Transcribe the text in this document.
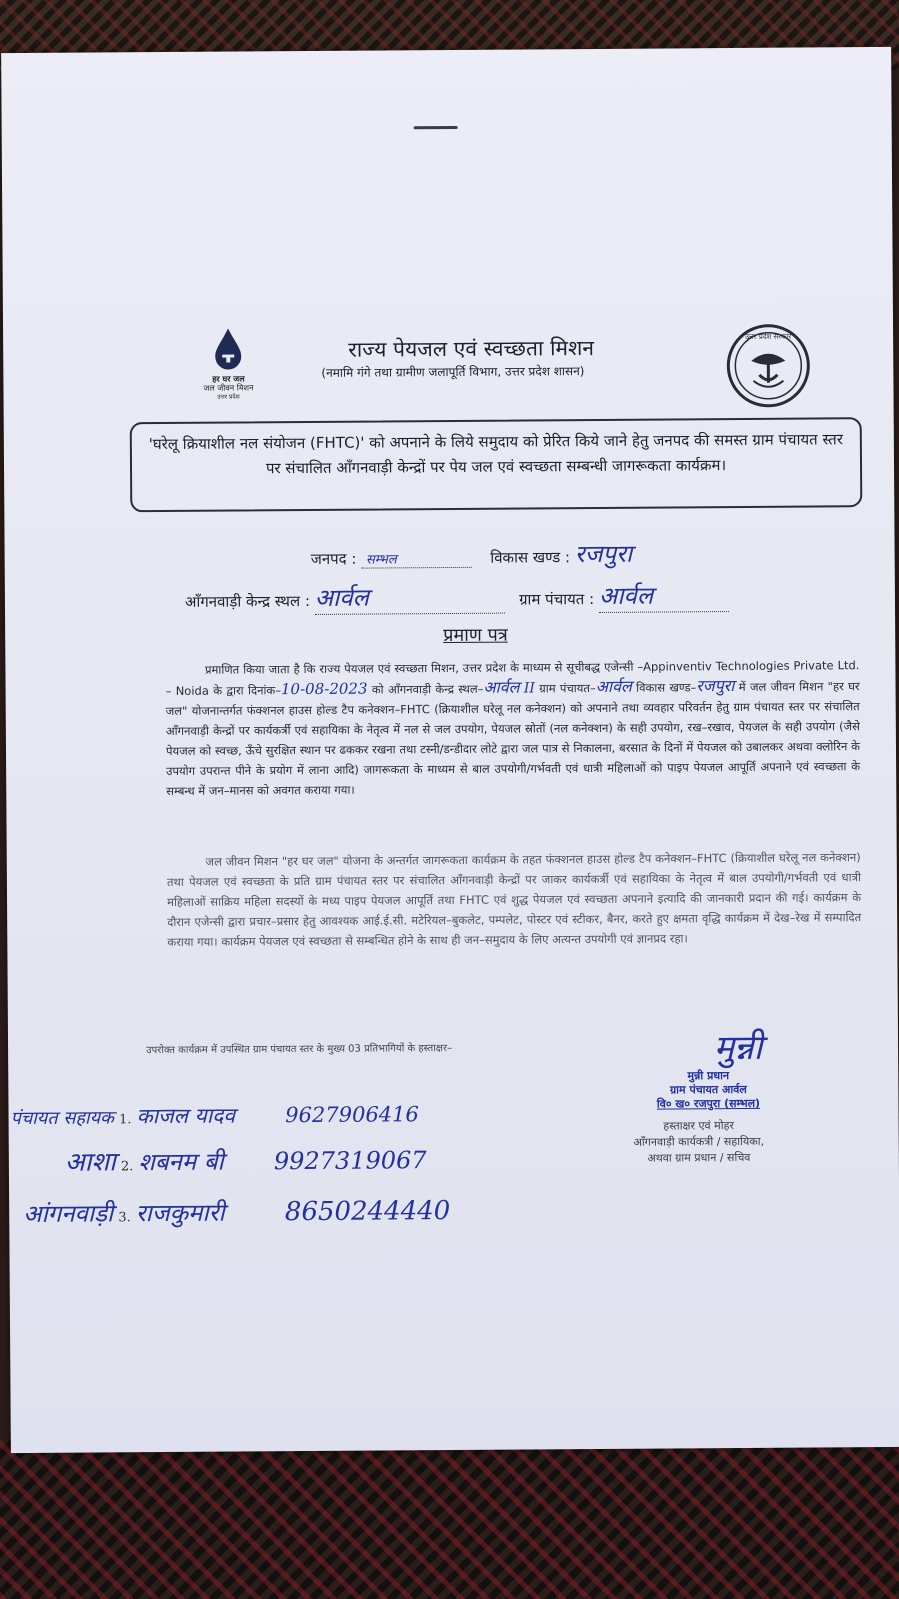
हर घर जल
जल जीवन मिशन
उत्तर प्रदेश
राज्य पेयजल एवं स्वच्छता मिशन
(नमामि गंगे तथा ग्रामीण जलापूर्ति विभाग, उत्तर प्रदेश शासन)
उत्तर प्रदेश सरकार
'घरेलू क्रियाशील नल संयोजन (FHTC)' को अपनाने के लिये समुदाय को प्रेरित किये जाने हेतु जनपद की समस्त ग्राम पंचायत स्तर पर संचालित आँगनवाड़ी केन्द्रों पर पेय जल एवं स्वच्छता सम्बन्धी जागरूकता कार्यक्रम।
जनपद : सम्भल	विकास खण्ड : रजपुरा
आँगनवाड़ी केन्द्र स्थल : आर्वल	ग्राम पंचायत : आर्वल
प्रमाण पत्र
प्रमाणित किया जाता है कि राज्य पेयजल एवं स्वच्छता मिशन, उत्तर प्रदेश के माध्यम से सूचीबद्ध एजेन्सी –Appinventiv Technologies Private Ltd. – Noida के द्वारा दिनांक–10-08-2023 को आँगनवाड़ी केन्द्र स्थल–आर्वल II ग्राम पंचायत–आर्वल विकास खण्ड–रजपुरा में जल जीवन मिशन "हर घर जल" योजनान्तर्गत फंक्शनल हाउस होल्ड टैप कनेक्शन–FHTC (क्रियाशील घरेलू नल कनेक्शन) को अपनाने तथा व्यवहार परिवर्तन हेतु ग्राम पंचायत स्तर पर संचालित आँगनवाड़ी केन्द्रों पर कार्यकर्त्री एवं सहायिका के नेतृत्व में नल से जल उपयोग, पेयजल स्रोतों (नल कनेक्शन) के सही उपयोग, रख–रखाव, पेयजल के सही उपयोग (जैसे पेयजल को स्वच्छ, ऊँचे सुरक्षित स्थान पर ढककर रखना तथा टस्नी/डन्डीदार लोटे द्वारा जल पात्र से निकालना, बरसात के दिनों में पेयजल को उबालकर अथवा क्लोरिन के उपयोग उपरान्त पीने के प्रयोग में लाना आदि) जागरूकता के माध्यम से बाल उपयोगी/गर्भवती एवं धात्री महिलाओं को पाइप पेयजल आपूर्ति अपनाने एवं स्वच्छता के सम्बन्ध में जन–मानस को अवगत कराया गया।
जल जीवन मिशन "हर घर जल" योजना के अन्तर्गत जागरूकता कार्यक्रम के तहत फंक्शनल हाउस होल्ड टैप कनेक्शन–FHTC (क्रियाशील घरेलू नल कनेक्शन) तथा पेयजल एवं स्वच्छता के प्रति ग्राम पंचायत स्तर पर संचालित आँगनवाड़ी केन्द्रों पर जाकर कार्यकर्त्री एवं सहायिका के नेतृत्व में बाल उपयोगी/गर्भवती एवं धात्री महिलाओं साक्रिय महिला सदस्यों के मध्य पाइप पेयजल आपूर्ति तथा FHTC एवं शुद्ध पेयजल एवं स्वच्छता अपनाने इत्यादि की जानकारी प्रदान की गई। कार्यक्रम के दौरान एजेन्सी द्वारा प्रचार–प्रसार हेतु आवश्यक आई.ई.सी. मटेरियल–बुकलेट, पम्पलेट, पोस्टर एवं स्टीकर, बैनर, करते हुए क्षमता वृद्धि कार्यक्रम में देख–रेख में सम्पादित कराया गया। कार्यक्रम पेयजल एवं स्वच्छता से सम्बन्धित होने के साथ ही जन–समुदाय के लिए अत्यन्त उपयोगी एवं ज्ञानप्रद रहा।
उपरोक्त कार्यक्रम में उपस्थित ग्राम पंचायत स्तर के मुख्य 03 प्रतिभागियों के हस्ताक्षर–	मुन्नी
मुन्नी प्रधान
ग्राम पंचायत आर्वल
वि० ख० रजपुरा (सम्भल)
हस्ताक्षर एवं मोहर
आँगनवाड़ी कार्यकत्री / सहायिका,
अथवा ग्राम प्रधान / सचिव
पंचायत सहायक 1. काजल यादव 9627906416
आशा 2. शबनम बी 9927319067
आंगनवाड़ी 3. राजकुमारी 8650244440
